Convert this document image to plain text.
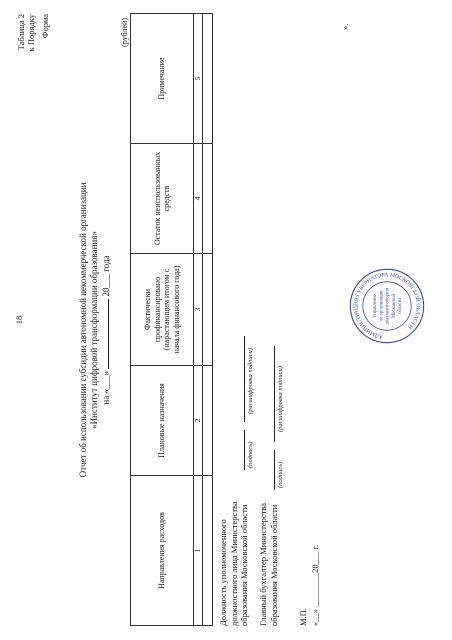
18
Таблица 2 к Порядку Форма
Отчет об использовании субсидии автономной некоммерческой организации «Институт цифровой трансформации образования» на «___»  20___ года
(рублей)
Направления расходов	Плановые назначения	Фактически профинансировано (нарастающим итогом с начала финансового года)	Остаток неиспользованных средств	Примечание
1	2	3	4	5

Должность уполномоченного должностного лица Министерства образования Московской области
(подпись)
(расшифровка подписи)
Главный бухгалтер Министерства образования Московской области
(подпись)
(расшифровка подписи)
М.П. «__» ________20___ г.
».
АДМИНИСТРАЦИЯ ГУБЕРНАТОРА МОСКОВСКОЙ ОБЛАСТИ
Управление по организации документооборота Московской области
